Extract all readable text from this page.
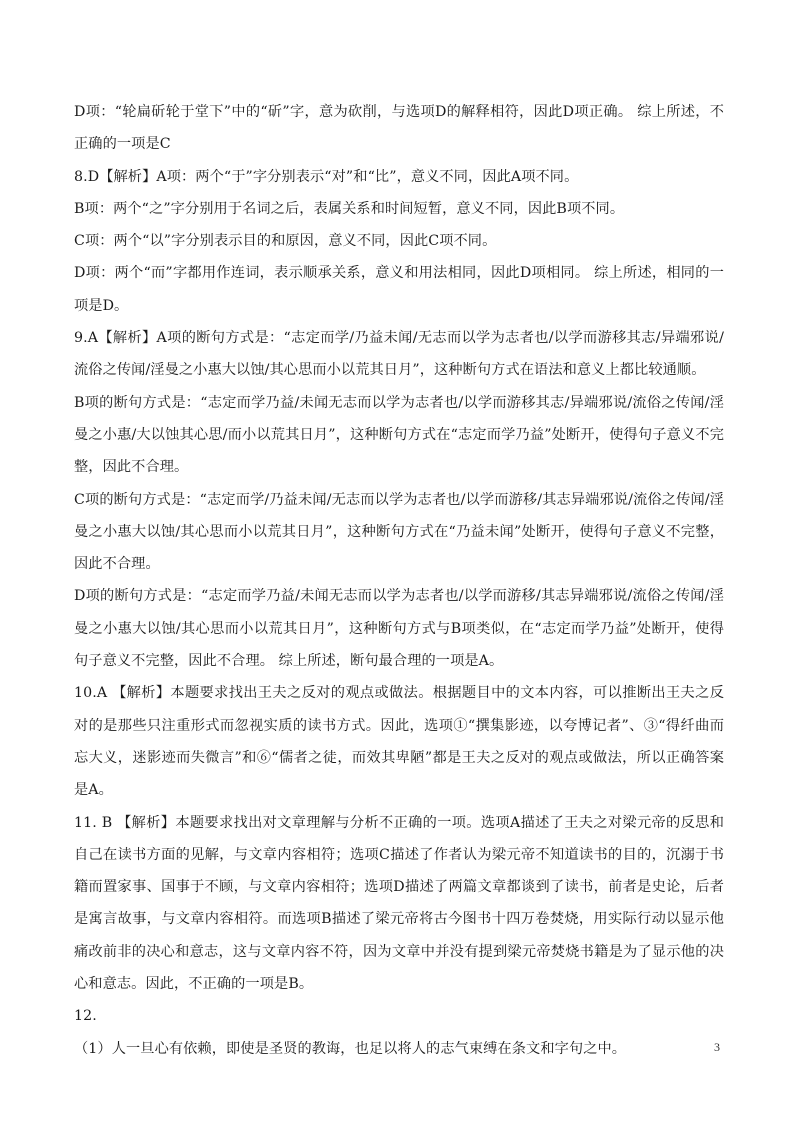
D项：“轮扁斫轮于堂下”中的“斫”字，意为砍削，与选项D的解释相符，因此D项正确。 综上所述，不正确的一项是C

8.D【解析】A项：两个“于”字分别表示“对”和“比”，意义不同，因此A项不同。

B项：两个“之”字分别用于名词之后，表属关系和时间短暂，意义不同，因此B项不同。

C项：两个“以”字分别表示目的和原因，意义不同，因此C项不同。

D项：两个“而”字都用作连词，表示顺承关系，意义和用法相同，因此D项相同。 综上所述，相同的一项是D。

9.A【解析】A项的断句方式是：“志定而学/乃益未闻/无志而以学为志者也/以学而游移其志/异端邪说/流俗之传闻/淫曼之小惠大以蚀/其心思而小以荒其日月”，这种断句方式在语法和意义上都比较通顺。

B项的断句方式是：“志定而学乃益/未闻无志而以学为志者也/以学而游移其志/异端邪说/流俗之传闻/淫曼之小惠/大以蚀其心思/而小以荒其日月”，这种断句方式在“志定而学乃益”处断开，使得句子意义不完整，因此不合理。

C项的断句方式是：“志定而学/乃益未闻/无志而以学为志者也/以学而游移/其志异端邪说/流俗之传闻/淫曼之小惠大以蚀/其心思而小以荒其日月”，这种断句方式在“乃益未闻”处断开，使得句子意义不完整，因此不合理。

D项的断句方式是：“志定而学乃益/未闻无志而以学为志者也/以学而游移/其志异端邪说/流俗之传闻/淫曼之小惠大以蚀/其心思而小以荒其日月”，这种断句方式与B项类似，在“志定而学乃益”处断开，使得句子意义不完整，因此不合理。 综上所述，断句最合理的一项是A。

10.A 【解析】本题要求找出王夫之反对的观点或做法。根据题目中的文本内容，可以推断出王夫之反对的是那些只注重形式而忽视实质的读书方式。因此，选项①“撰集影迹，以夸博记者”、③“得纤曲而忘大义，迷影迹而失微言”和⑥“儒者之徒，而效其卑陋”都是王夫之反对的观点或做法，所以正确答案是A。

11. B 【解析】本题要求找出对文章理解与分析不正确的一项。选项A描述了王夫之对梁元帝的反思和自己在读书方面的见解，与文章内容相符；选项C描述了作者认为梁元帝不知道读书的目的，沉溺于书籍而置家事、国事于不顾，与文章内容相符；选项D描述了两篇文章都谈到了读书，前者是史论，后者是寓言故事，与文章内容相符。而选项B描述了梁元帝将古今图书十四万卷焚烧，用实际行动以显示他痛改前非的决心和意志，这与文章内容不符，因为文章中并没有提到梁元帝焚烧书籍是为了显示他的决心和意志。因此，不正确的一项是B。

12.

（1）人一旦心有依赖，即使是圣贤的教诲，也足以将人的志气束缚在条文和字句之中。	3
